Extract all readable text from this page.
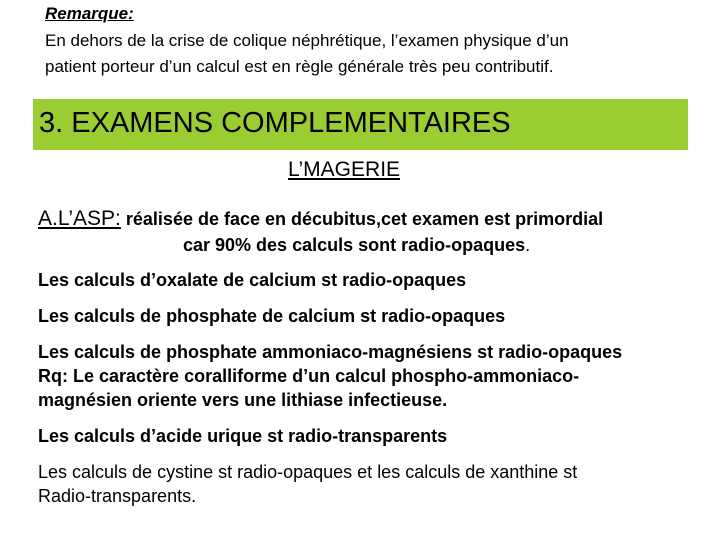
Remarque:
En dehors de la crise de colique néphrétique, l’examen physique d’un
patient porteur d’un calcul est en règle générale très peu contributif.
3. EXAMENS COMPLEMENTAIRES
L’MAGERIE
A.L’ASP: réalisée de face en décubitus,cet examen est primordial
car 90% des calculs sont radio-opaques.
Les calculs d’oxalate de calcium st radio-opaques
Les calculs de phosphate de calcium st radio-opaques
Les calculs de phosphate ammoniaco-magnésiens st radio-opaques
Rq: Le caractère coralliforme d’un calcul phospho-ammoniaco-
magnésien oriente vers une lithiase infectieuse.
Les calculs d’acide urique st radio-transparents
Les calculs de cystine st radio-opaques et les calculs de xanthine st
Radio-transparents.
